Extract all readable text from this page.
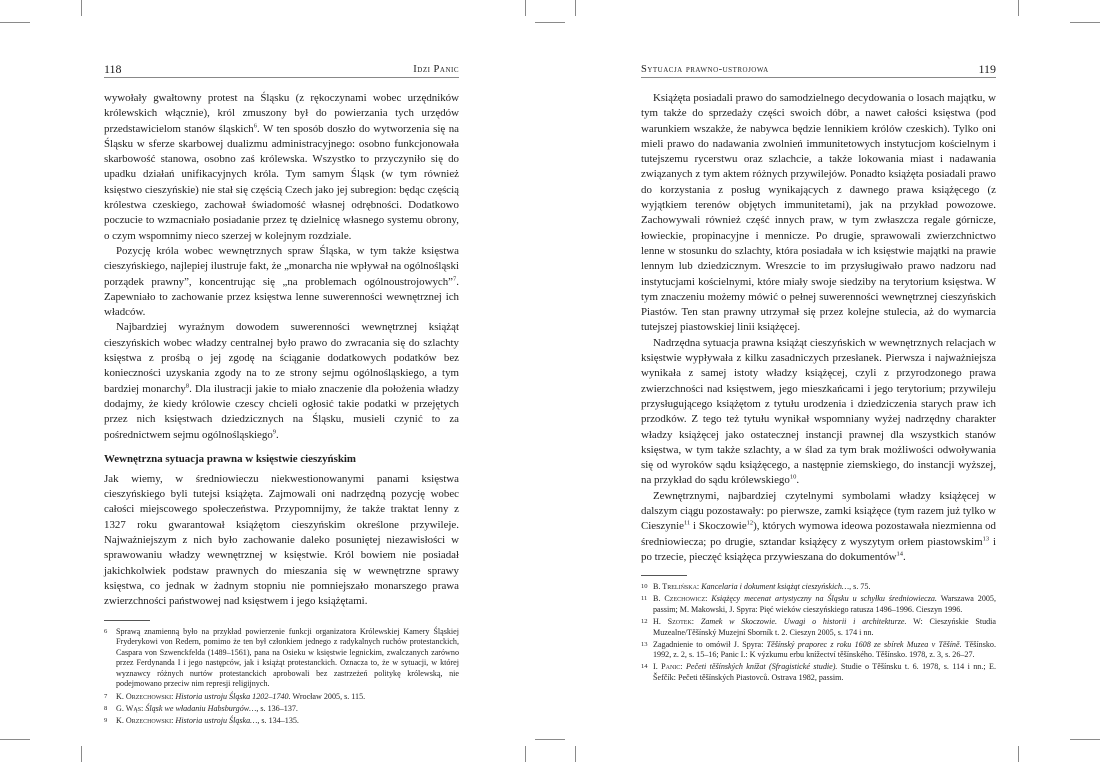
118	Idzi Panic

wywołały gwałtowny protest na Śląsku (z rękoczynami wobec urzędników królewskich włącznie), król zmuszony był do powierzania tych urzędów przedstawicielom stanów śląskich$^6$. W ten sposób doszło do wytworzenia się na Śląsku w sferze skarbowej dualizmu administracyjnego: osobno funkcjonowała skarbowość stanowa, osobno zaś królewska. Wszystko to przyczyniło się do upadku działań unifikacyjnych króla. Tym samym Śląsk (w tym również księstwo cieszyńskie) nie stał się częścią Czech jako jej subregion: będąc częścią królestwa czeskiego, zachował świadomość własnej odrębności. Dodatkowo poczucie to wzmacniało posiadanie przez tę dzielnicę własnego systemu obrony, o czym wspomnimy nieco szerzej w kolejnym rozdziale.

Pozycję króla wobec wewnętrznych spraw Śląska, w tym także księstwa cieszyńskiego, najlepiej ilustruje fakt, że „monarcha nie wpływał na ogólnośląski porządek prawny”, koncentrując się „na problemach ogólnoustrojowych”$^7$. Zapewniało to zachowanie przez księstwa lenne suwerenności wewnętrznej ich władców.

Najbardziej wyraźnym dowodem suwerenności wewnętrznej książąt cieszyńskich wobec władzy centralnej było prawo do zwracania się do szlachty księstwa z prośbą o jej zgodę na ściąganie dodatkowych podatków bez konieczności uzyskania zgody na to ze strony sejmu ogólnośląskiego, a tym bardziej monarchy$^8$. Dla ilustracji jakie to miało znaczenie dla położenia władzy dodajmy, że kiedy królowie czescy chcieli ogłosić takie podatki w przejętych przez nich księstwach dziedzicznych na Śląsku, musieli czynić to za pośrednictwem sejmu ogólnośląskiego$^9$.

Wewnętrzna sytuacja prawna w księstwie cieszyńskim

Jak wiemy, w średniowieczu niekwestionowanymi panami księstwa cieszyńskiego byli tutejsi książęta. Zajmowali oni nadrzędną pozycję wobec całości miejscowego społeczeństwa. Przypomnijmy, że także traktat lenny z 1327 roku gwarantował książętom cieszyńskim określone przywileje. Najważniejszym z nich było zachowanie daleko posuniętej niezawisłości w sprawowaniu władzy wewnętrznej w księstwie. Król bowiem nie posiadał jakichkolwiek podstaw prawnych do mieszania się w wewnętrzne sprawy księstwa, co jednak w żadnym stopniu nie pomniejszało monarszego prawa zwierzchności państwowej nad księstwem i jego książętami.

6 Sprawą znamienną było na przykład powierzenie funkcji organizatora Królewskiej Kamery Śląskiej Fryderykowi von Redern, pomimo że ten był członkiem jednego z radykalnych ruchów protestanckich, Caspara von Szwenckfelda (1489–1561), pana na Osieku w księstwie legnickim, zwalczanych zarówno przez Ferdynanda I i jego następców, jak i książąt protestanckich. Oznacza to, że w sytuacji, w której wyznawcy różnych nurtów protestanckich aprobowali bez zastrzeżeń politykę królewską, nie podejmowano przeciw nim represji religijnych.
7 K. Orzechowski: Historia ustroju Śląska 1202–1740. Wrocław 2005, s. 115.
8 G. Wąs: Śląsk we władaniu Habsburgów…, s. 136–137.
9 K. Orzechowski: Historia ustroju Śląska…, s. 134–135.
Sytuacja prawno-ustrojowa	119

Książęta posiadali prawo do samodzielnego decydowania o losach majątku, w tym także do sprzedaży części swoich dóbr, a nawet całości księstwa (pod warunkiem wszakże, że nabywca będzie lennikiem królów czeskich). Tylko oni mieli prawo do nadawania zwolnień immunitetowych instytucjom kościelnym i tutejszemu rycerstwu oraz szlachcie, a także lokowania miast i nadawania związanych z tym aktem różnych przywilejów. Ponadto książęta posiadali prawo do korzystania z posług wynikających z dawnego prawa książęcego (z wyjątkiem terenów objętych immunitetami), jak na przykład powozowe. Zachowywali również część innych praw, w tym zwłaszcza regale górnicze, łowieckie, propinacyjne i mennicze. Po drugie, sprawowali zwierzchnictwo lenne w stosunku do szlachty, która posiadała w ich księstwie majątki na prawie lennym lub dziedzicznym. Wreszcie to im przysługiwało prawo nadzoru nad instytucjami kościelnymi, które miały swoje siedziby na terytorium księstwa. W tym znaczeniu możemy mówić o pełnej suwerenności wewnętrznej cieszyńskich Piastów. Ten stan prawny utrzymał się przez kolejne stulecia, aż do wymarcia tutejszej piastowskiej linii książęcej.

Nadrzędna sytuacja prawna książąt cieszyńskich w wewnętrznych relacjach w księstwie wypływała z kilku zasadniczych przesłanek. Pierwsza i najważniejsza wynikała z samej istoty władzy książęcej, czyli z przyrodzonego prawa zwierzchności nad księstwem, jego mieszkańcami i jego terytorium; przywileju przysługującego książętom z tytułu urodzenia i dziedziczenia starych praw ich przodków. Z tego też tytułu wynikał wspomniany wyżej nadrzędny charakter władzy książęcej jako ostatecznej instancji prawnej dla wszystkich stanów księstwa, w tym także szlachty, a w ślad za tym brak możliwości odwoływania się od wyroków sądu książęcego, a następnie ziemskiego, do instancji wyższej, na przykład do sądu królewskiego$^{10}$.

Zewnętrznymi, najbardziej czytelnymi symbolami władzy książęcej w dalszym ciągu pozostawały: po pierwsze, zamki książęce (tym razem już tylko w Cieszynie$^{11}$ i Skoczowie$^{12}$), których wymowa ideowa pozostawała niezmienna od średniowiecza; po drugie, sztandar książęcy z wyszytym orłem piastowskim$^{13}$ i po trzecie, pieczęć książęca przywieszana do dokumentów$^{14}$.

10 B. Trelińska: Kancelaria i dokument książąt cieszyńskich…, s. 75.
11 B. Czechowicz: Książęcy mecenat artystyczny na Śląsku u schyłku średniowiecza. Warszawa 2005, passim; M. Makowski, J. Spyra: Pięć wieków cieszyńskiego ratusza 1496–1996. Cieszyn 1996.
12 H. Szotek: Zamek w Skoczowie. Uwagi o historii i architekturze. W: Cieszyńskie Studia Muzealne/Těšínský Muzejní Sborník t. 2. Cieszyn 2005, s. 174 i nn.
13 Zagadnienie to omówił J. Spyra: Těšínský praporec z roku 1608 ze sbírek Muzea v Těšíně. Těšínsko. 1992, z. 2, s. 15–16; Panic I.: K výzkumu erbu knížectví těšínského. Těšínsko. 1978, z. 3, s. 26–27.
14 I. Panic: Pečeti těšínských knížat (Sfragistické studie). Studie o Těšínsku t. 6. 1978, s. 114 i nn.; E. Šefčík: Pečeti těšínských Piastovců. Ostrava 1982, passim.
